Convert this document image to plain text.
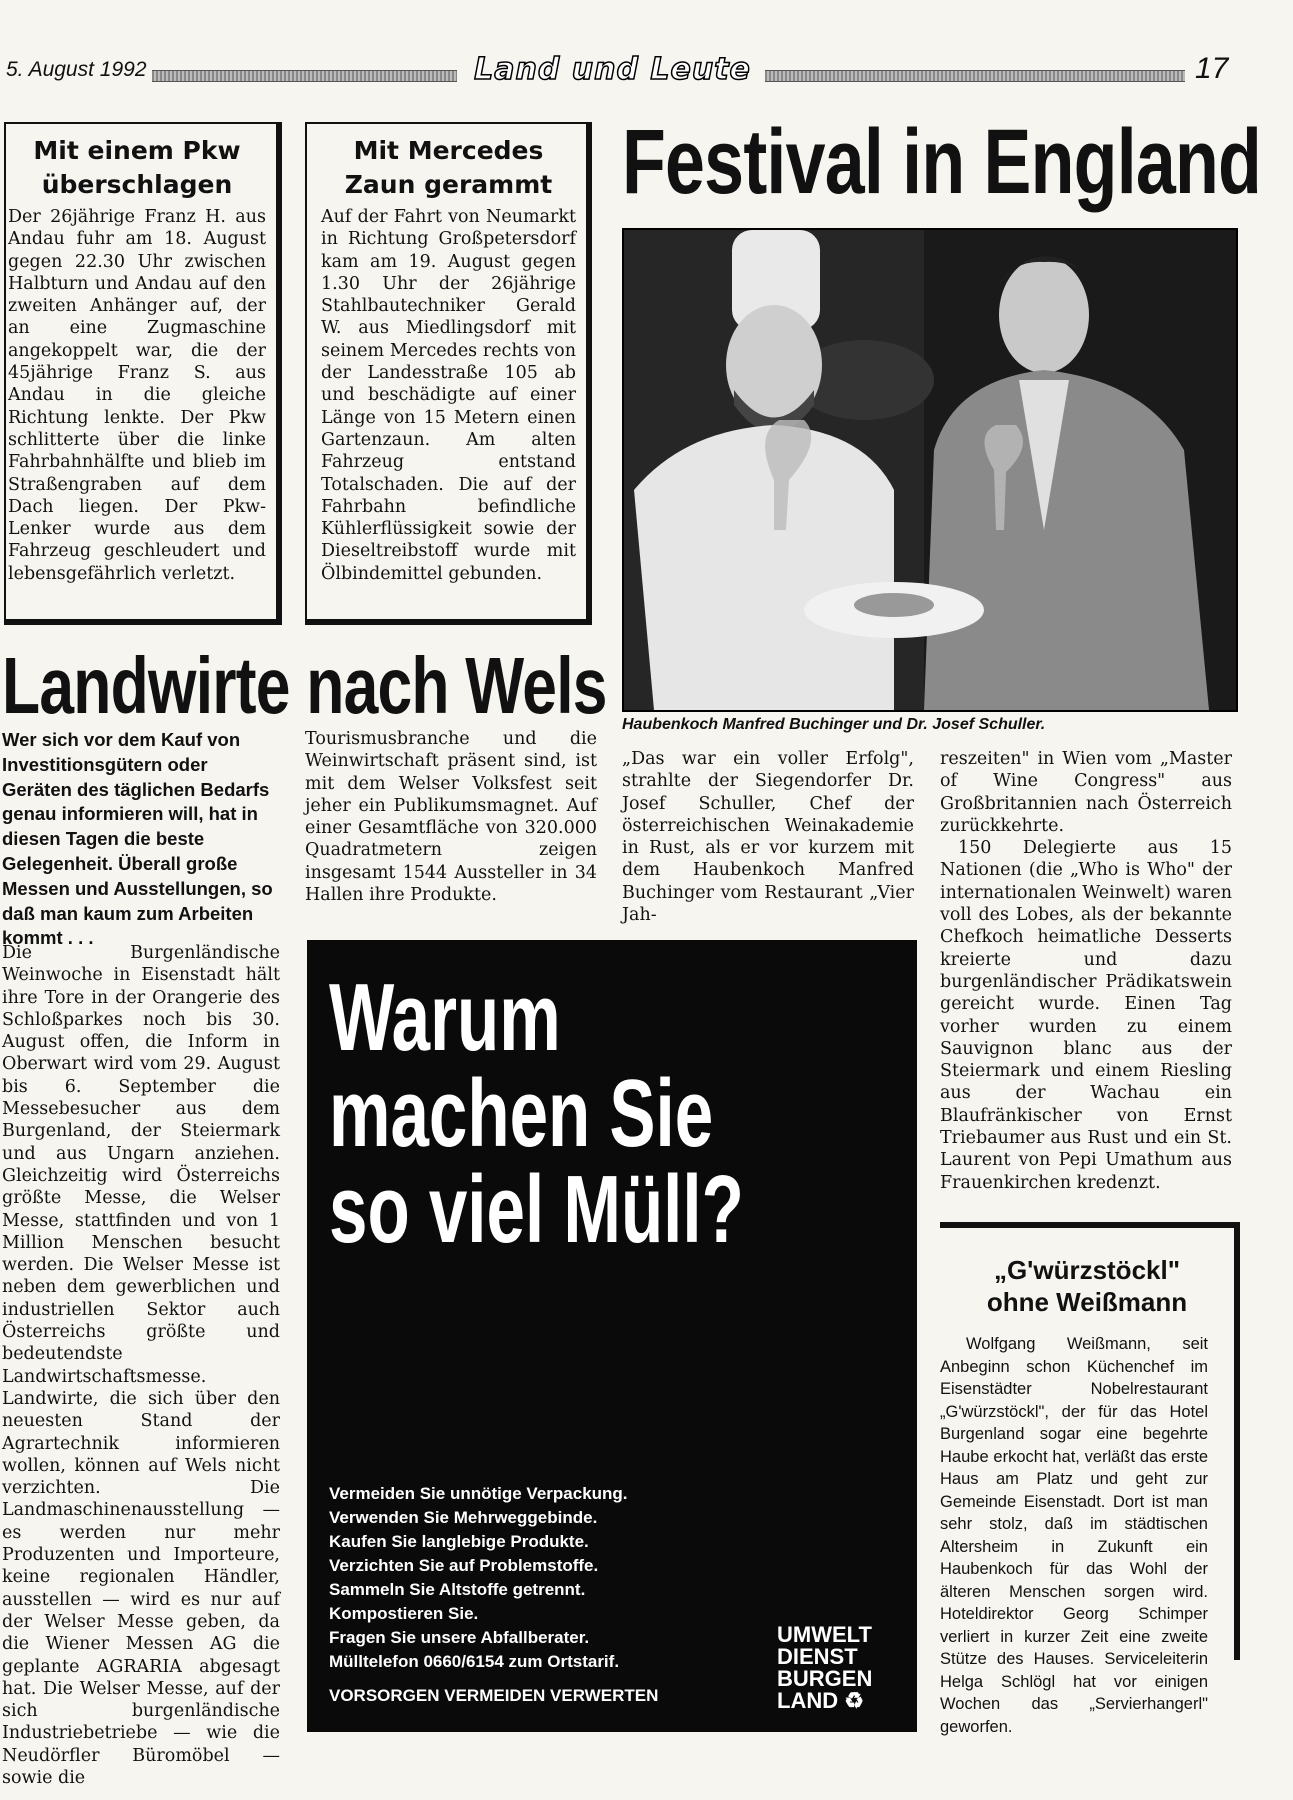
5. August 1992	Land und Leute	17
Mit einem Pkw
überschlagen
Der 26jährige Franz H. aus Andau fuhr am 18. August gegen 22.30 Uhr zwischen Halbturn und Andau auf den zweiten Anhänger auf, der an eine Zugmaschine angekoppelt war, die der 45jährige Franz S. aus Andau in die gleiche Richtung lenkte. Der Pkw schlitterte über die linke Fahrbahnhälfte und blieb im Straßengraben auf dem Dach liegen. Der Pkw-Lenker wurde aus dem Fahrzeug geschleudert und lebensgefährlich verletzt.
Mit Mercedes
Zaun gerammt
Auf der Fahrt von Neumarkt in Richtung Großpetersdorf kam am 19. August gegen 1.30 Uhr der 26jährige Stahlbautechniker Gerald W. aus Miedlingsdorf mit seinem Mercedes rechts von der Landesstraße 105 ab und beschädigte auf einer Länge von 15 Metern einen Gartenzaun. Am alten Fahrzeug entstand Totalschaden. Die auf der Fahrbahn befindliche Kühlerflüssigkeit sowie der Dieseltreibstoff wurde mit Ölbindemittel gebunden.
Festival in England
Haubenkoch Manfred Buchinger und Dr. Josef Schuller.
„Das war ein voller Erfolg", strahlte der Siegendorfer Dr. Josef Schuller, Chef der österreichischen Weinakademie in Rust, als er vor kurzem mit dem Haubenkoch Manfred Buchinger vom Restaurant „Vier Jah-
reszeiten" in Wien vom „Master of Wine Congress" aus Großbritannien nach Österreich zurückkehrte.
150 Delegierte aus 15 Nationen (die „Who is Who" der internationalen Weinwelt) waren voll des Lobes, als der bekannte Chefkoch heimatliche Desserts kreierte und dazu burgenländischer Prädikatswein gereicht wurde. Einen Tag vorher wurden zu einem Sauvignon blanc aus der Steiermark und einem Riesling aus der Wachau ein Blaufränkischer von Ernst Triebaumer aus Rust und ein St. Laurent von Pepi Umathum aus Frauenkirchen kredenzt.
Landwirte nach Wels
Wer sich vor dem Kauf von Investitionsgütern oder Geräten des täglichen Bedarfs genau informieren will, hat in diesen Tagen die beste Gelegenheit. Überall große Messen und Ausstellungen, so daß man kaum zum Arbeiten kommt . . .
Die Burgenländische Weinwoche in Eisenstadt hält ihre Tore in der Orangerie des Schloßparkes noch bis 30. August offen, die Inform in Oberwart wird vom 29. August bis 6. September die Messebesucher aus dem Burgenland, der Steiermark und aus Ungarn anziehen. Gleichzeitig wird Österreichs größte Messe, die Welser Messe, stattfinden und von 1 Million Menschen besucht werden. Die Welser Messe ist neben dem gewerblichen und industriellen Sektor auch Österreichs größte und bedeutendste Landwirtschaftsmesse. Landwirte, die sich über den neuesten Stand der Agrartechnik informieren wollen, können auf Wels nicht verzichten. Die Landmaschinenausstellung — es werden nur mehr Produzenten und Importeure, keine regionalen Händler, ausstellen — wird es nur auf der Welser Messe geben, da die Wiener Messen AG die geplante AGRARIA abgesagt hat. Die Welser Messe, auf der sich burgenländische Industriebetriebe — wie die Neudörfler Büromöbel — sowie die
Tourismusbranche und die Weinwirtschaft präsent sind, ist mit dem Welser Volksfest seit jeher ein Publikumsmagnet. Auf einer Gesamtfläche von 320.000 Quadratmetern zeigen insgesamt 1544 Aussteller in 34 Hallen ihre Produkte.
Warum
machen Sie
so viel Müll?
Vermeiden Sie unnötige Verpackung.
Verwenden Sie Mehrweggebinde.
Kaufen Sie langlebige Produkte.
Verzichten Sie auf Problemstoffe.
Sammeln Sie Altstoffe getrennt.
Kompostieren Sie.
Fragen Sie unsere Abfallberater.
Mülltelefon 0660/6154 zum Ortstarif.
VORSORGEN VERMEIDEN VERWERTEN
UMWELT
DIENST
BURGEN
LAND ♻
„G'würzstöckl"
ohne Weißmann
Wolfgang Weißmann, seit Anbeginn schon Küchenchef im Eisenstädter Nobelrestaurant „G'würzstöckl", der für das Hotel Burgenland sogar eine begehrte Haube erkocht hat, verläßt das erste Haus am Platz und geht zur Gemeinde Eisenstadt. Dort ist man sehr stolz, daß im städtischen Altersheim in Zukunft ein Haubenkoch für das Wohl der älteren Menschen sorgen wird. Hoteldirektor Georg Schimper verliert in kurzer Zeit eine zweite Stütze des Hauses. Serviceleiterin Helga Schlögl hat vor einigen Wochen das „Servierhangerl" geworfen.
